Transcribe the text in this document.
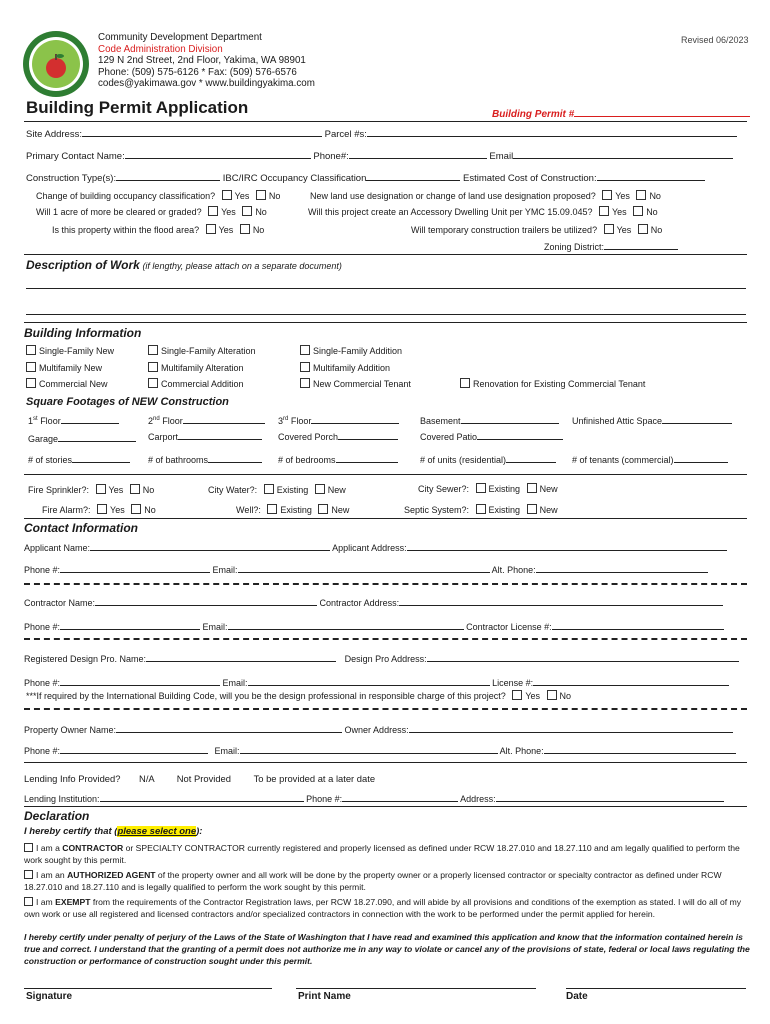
Community Development Department
Code Administration Division
129 N 2nd Street, 2nd Floor, Yakima, WA 98901
Phone: (509) 575-6126 * Fax: (509) 576-6576
codes@yakimawa.gov * www.buildingyakima.com
Revised 06/2023
Building Permit Application	Building Permit #
Site Address:	Parcel #s:
Primary Contact Name:	Phone#:	Email
Construction Type(s):	IBC/IRC Occupancy Classification	Estimated Cost of Construction:
Change of building occupancy classification? Yes No
Will 1 acre of more be cleared or graded? Yes No
Is this property within the flood area? Yes No
New land use designation or change of land use designation proposed? Yes No
Will this project create an Accessory Dwelling Unit per YMC 15.09.045? Yes No
Will temporary construction trailers be utilized? Yes No
Zoning District:
Description of Work (if lengthy, please attach on a separate document)
Building Information
Single-Family New	Single-Family Alteration	Single-Family Addition
Multifamily New	Multifamily Alteration	Multifamily Addition
Commercial New	Commercial Addition	New Commercial Tenant	Renovation for Existing Commercial Tenant
Square Footages of NEW Construction
1st Floor	2nd Floor	3rd Floor	Basement	Unfinished Attic Space
Garage	Carport	Covered Porch	Covered Patio
# of stories	# of bathrooms	# of bedrooms	# of units (residential)	# of tenants (commercial)
Fire Sprinkler?: Yes No
Fire Alarm?: Yes No
City Water?: Existing New
Well?: Existing New
City Sewer?: Existing New
Septic System?: Existing New
Contact Information
Applicant Name:	Applicant Address:
Phone #:	Email:	Alt. Phone:
Contractor Name:	Contractor Address:
Phone #:	Email:	Contractor License #:
Registered Design Pro. Name:	Design Pro Address:
Phone #:	Email:	License #:
***If required by the International Building Code, will you be the design professional in responsible charge of this project? Yes No
Property Owner Name:	Owner Address:
Phone #:	Email:	Alt. Phone:
Lending Info Provided? N/A Not Provided To be provided at a later date
Lending Institution:	Phone #:	Address:
Declaration
I hereby certify that (please select one):
I am a CONTRACTOR or SPECIALTY CONTRACTOR currently registered and properly licensed as defined under RCW 18.27.010 and 18.27.110 and am legally qualified to perform the work sought by this permit.
I am an AUTHORIZED AGENT of the property owner and all work will be done by the property owner or a properly licensed contractor or specialty contractor as defined under RCW 18.27.010 and 18.27.110 and is legally qualified to perform the work sought by this permit.
I am EXEMPT from the requirements of the Contractor Registration laws, per RCW 18.27.090, and will abide by all provisions and conditions of the exemption as stated. I will do all of my own work or use all registered and licensed contractors and/or specialized contractors in connection with the work to be performed under the permit applied for herein.
I hereby certify under penalty of perjury of the Laws of the State of Washington that I have read and examined this application and know that the information contained herein is true and correct. I understand that the granting of a permit does not authorize me in any way to violate or cancel any of the provisions of state, federal or local laws regulating the construction or performance of construction sought under this permit.
Signature	Print Name	Date
